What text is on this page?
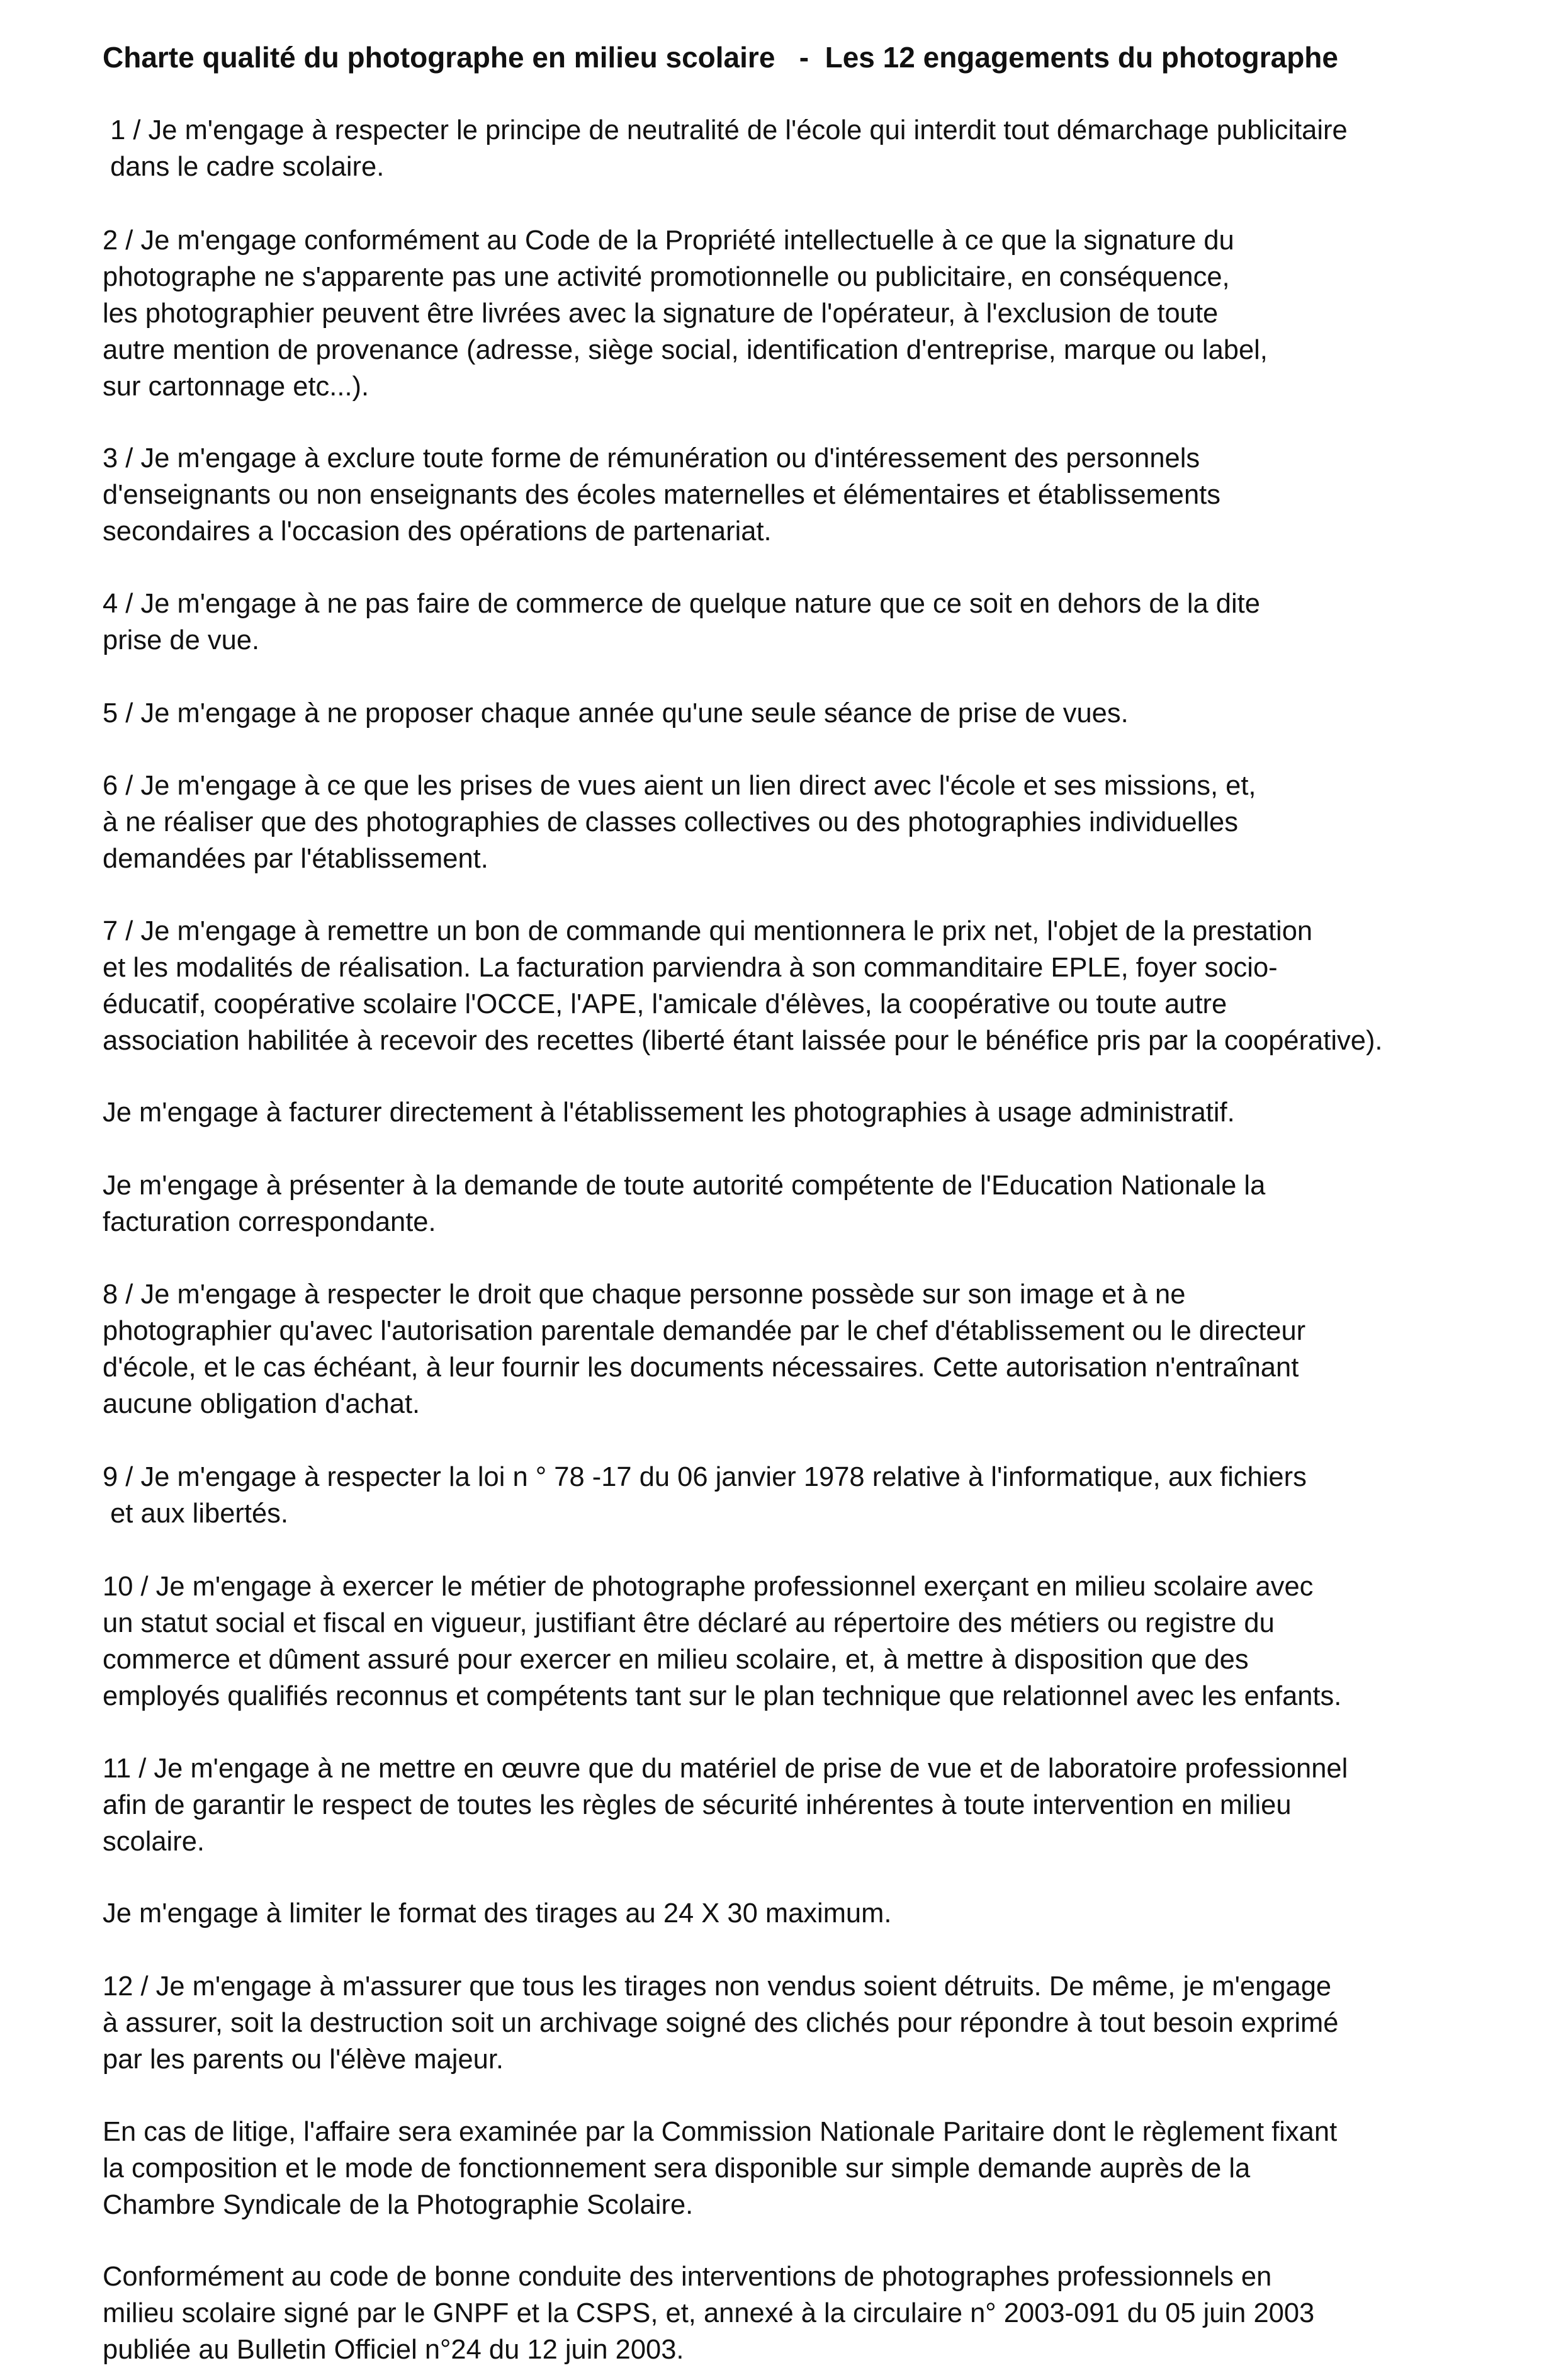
Charte qualité du photographe en milieu scolaire   -  Les 12 engagements du photographe
1 / Je m'engage à respecter le principe de neutralité de l'école qui interdit tout démarchage publicitaire
dans le cadre scolaire.
2 / Je m'engage conformément au Code de la Propriété intellectuelle à ce que la signature du
photographe ne s'apparente pas une activité promotionnelle ou publicitaire, en conséquence,
les photographier peuvent être livrées avec la signature de l'opérateur, à l'exclusion de toute
autre mention de provenance (adresse, siège social, identification d'entreprise, marque ou label,
sur cartonnage etc...).
3 / Je m'engage à exclure toute forme de rémunération ou d'intéressement des personnels
d'enseignants ou non enseignants des écoles maternelles et élémentaires et établissements
secondaires a l'occasion des opérations de partenariat.
4 / Je m'engage à ne pas faire de commerce de quelque nature que ce soit en dehors de la dite
prise de vue.
5 / Je m'engage à ne proposer chaque année qu'une seule séance de prise de vues.
6 / Je m'engage à ce que les prises de vues aient un lien direct avec l'école et ses missions, et,
à ne réaliser que des photographies de classes collectives ou des photographies individuelles
demandées par l'établissement.
7 / Je m'engage à remettre un bon de commande qui mentionnera le prix net, l'objet de la prestation
et les modalités de réalisation. La facturation parviendra à son commanditaire EPLE, foyer socio-
éducatif, coopérative scolaire l'OCCE, l'APE, l'amicale d'élèves, la coopérative ou toute autre
association habilitée à recevoir des recettes (liberté étant laissée pour le bénéfice pris par la coopérative).
Je m'engage à facturer directement à l'établissement les photographies à usage administratif.
Je m'engage à présenter à la demande de toute autorité compétente de l'Education Nationale la
facturation correspondante.
8 / Je m'engage à respecter le droit que chaque personne possède sur son image et à ne
photographier qu'avec l'autorisation parentale demandée par le chef d'établissement ou le directeur
d'école, et le cas échéant, à leur fournir les documents nécessaires. Cette autorisation n'entraînant
aucune obligation d'achat.
9 / Je m'engage à respecter la loi n ° 78 -17 du 06 janvier 1978 relative à l'informatique, aux fichiers
et aux libertés.
10 / Je m'engage à exercer le métier de photographe professionnel exerçant en milieu scolaire avec
un statut social et fiscal en vigueur, justifiant être déclaré au répertoire des métiers ou registre du
commerce et dûment assuré pour exercer en milieu scolaire, et, à mettre à disposition que des
employés qualifiés reconnus et compétents tant sur le plan technique que relationnel avec les enfants.
11 / Je m'engage à ne mettre en œuvre que du matériel de prise de vue et de laboratoire professionnel
afin de garantir le respect de toutes les règles de sécurité inhérentes à toute intervention en milieu
scolaire.
Je m'engage à limiter le format des tirages au 24 X 30 maximum.
12 / Je m'engage à m'assurer que tous les tirages non vendus soient détruits. De même, je m'engage
à assurer, soit la destruction soit un archivage soigné des clichés pour répondre à tout besoin exprimé
par les parents ou l'élève majeur.
En cas de litige, l'affaire sera examinée par la Commission Nationale Paritaire dont le règlement fixant
la composition et le mode de fonctionnement sera disponible sur simple demande auprès de la
Chambre Syndicale de la Photographie Scolaire.
Conformément au code de bonne conduite des interventions de photographes professionnels en
milieu scolaire signé par le GNPF et la CSPS, et, annexé à la circulaire n° 2003-091 du 05 juin 2003
publiée au Bulletin Officiel n°24 du 12 juin 2003.
